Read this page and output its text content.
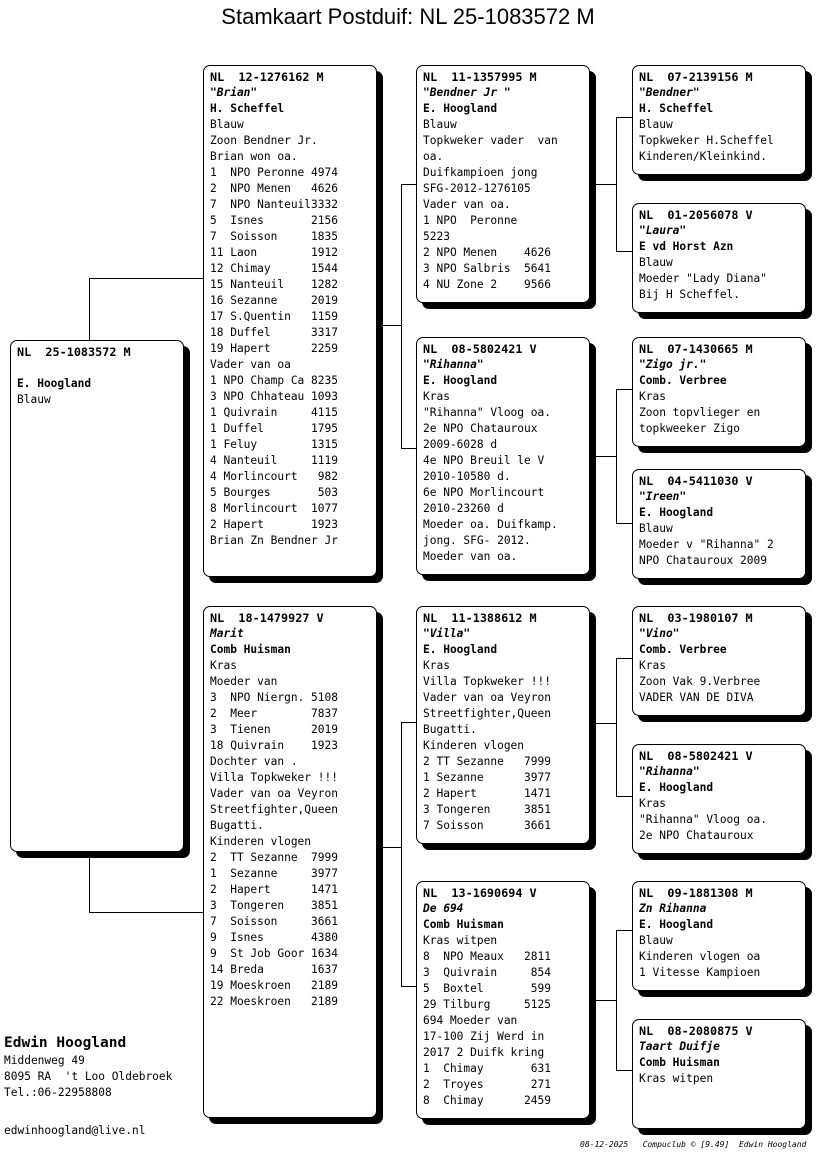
Stamkaart Postduif: NL 25-1083572 M
NL  25-1083572 M
E. Hoogland
Blauw
NL  12-1276162 M
"Brian"
H. Scheffel
Blauw
Zoon Bendner Jr.
Brian won oa.
1  NPO Peronne 4974
2  NPO Menen   4626
7  NPO Nanteuil3332
5  Isnes       2156
7  Soisson     1835
11 Laon        1912
12 Chimay      1544
15 Nanteuil    1282
16 Sezanne     2019
17 S.Quentin   1159
18 Duffel      3317
19 Hapert      2259
Vader van oa
1 NPO Champ Ca 8235
3 NPO Chhateau 1093
1 Quivrain     4115
1 Duffel       1795
1 Feluy        1315
4 Nanteuil     1119
4 Morlincourt   982
5 Bourges       503
8 Morlincourt  1077
2 Hapert       1923
Brian Zn Bendner Jr
NL  18-1479927 V
Marit
Comb Huisman
Kras
Moeder van
3  NPO Niergn. 5108
2  Meer        7837
3  Tienen      2019
18 Quivrain    1923
Dochter van .
Villa Topkweker !!!
Vader van oa Veyron
Streetfighter,Queen
Bugatti.
Kinderen vlogen
2  TT Sezanne  7999
1  Sezanne     3977
2  Hapert      1471
3  Tongeren    3851
7  Soisson     3661
9  Isnes       4380
9  St Job Goor 1634
14 Breda       1637
19 Moeskroen   2189
22 Moeskroen   2189
NL  11-1357995 M
"Bendner Jr "
E. Hoogland
Blauw
Topkweker vader  van
oa.
Duifkampioen jong
SFG-2012-1276105
Vader van oa.
1 NPO  Peronne
5223
2 NPO Menen    4626
3 NPO Salbris  5641
4 NU Zone 2    9566
NL  08-5802421 V
"Rihanna"
E. Hoogland
Kras
"Rihanna" Vloog oa.
2e NPO Chatauroux
2009-6028 d
4e NPO Breuil le V
2010-10580 d.
6e NPO Morlincourt
2010-23260 d
Moeder oa. Duifkamp.
jong. SFG- 2012.
Moeder van oa.
NL  11-1388612 M
"Villa"
E. Hoogland
Kras
Villa Topkweker !!!
Vader van oa Veyron
Streetfighter,Queen
Bugatti.
Kinderen vlogen
2 TT Sezanne   7999
1 Sezanne      3977
2 Hapert       1471
3 Tongeren     3851
7 Soisson      3661
NL  13-1690694 V
De 694
Comb Huisman
Kras witpen
8  NPO Meaux   2811
3  Quivrain     854
5  Boxtel       599
29 Tilburg     5125
694 Moeder van
17-100 Zij Werd in
2017 2 Duifk kring
1  Chimay       631
2  Troyes       271
8  Chimay      2459
NL  07-2139156 M
"Bendner"
H. Scheffel
Blauw
Topkweker H.Scheffel
Kinderen/Kleinkind.
NL  01-2056078 V
"Laura"
E vd Horst Azn
Blauw
Moeder "Lady Diana"
Bij H Scheffel.
NL  07-1430665 M
"Zigo jr."
Comb. Verbree
Kras
Zoon topvlieger en
topkweeker Zigo
NL  04-5411030 V
"Ireen"
E. Hoogland
Blauw
Moeder v "Rihanna" 2
NPO Chatauroux 2009
NL  03-1980107 M
"Vino"
Comb. Verbree
Kras
Zoon Vak 9.Verbree
VADER VAN DE DIVA
NL  08-5802421 V
"Rihanna"
E. Hoogland
Kras
"Rihanna" Vloog oa.
2e NPO Chatauroux
NL  09-1881308 M
Zn Rihanna
E. Hoogland
Blauw
Kinderen vlogen oa
1 Vitesse Kampioen
NL  08-2080875 V
Taart Duifje
Comb Huisman
Kras witpen
Edwin Hoogland
Middenweg 49
8095 RA  't Loo Oldebroek
Tel.:06-22958808
edwinhoogland@live.nl
08-12-2025   Compuclub © [9.49]  Edwin Hoogland
